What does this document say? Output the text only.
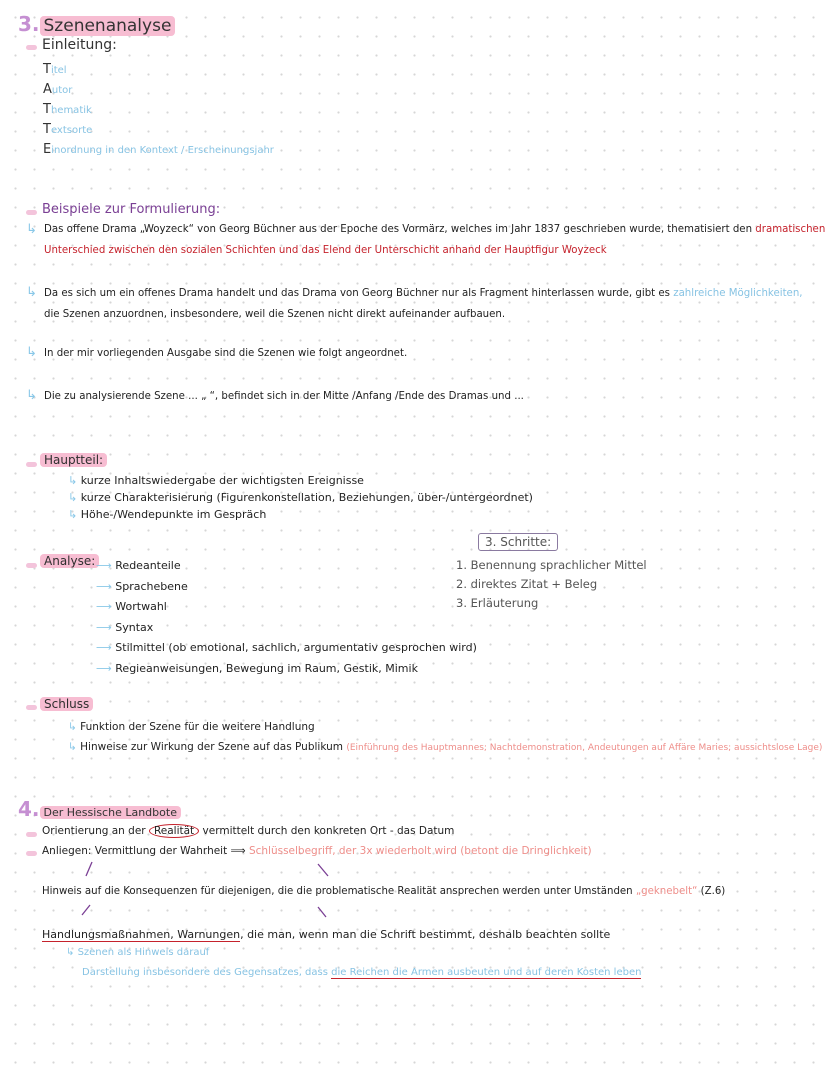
3. Szenenanalyse
Einleitung:
Titel
Autor
Thematik
Textsorte
Einordnung in den Kontext / Erscheinungsjahr
Beispiele zur Formulierung:
↳ Das offene Drama „Woyzeck“ von Georg Büchner aus der Epoche des Vormärz, welches im Jahr 1837 geschrieben wurde, thematisiert den dramatischen
Unterschied zwischen den sozialen Schichten und das Elend der Unterschicht anhand der Hauptfigur Woyzeck
↳ Da es sich um ein offenes Drama handelt und das Drama von Georg Büchner nur als Fragment hinterlassen wurde, gibt es zahlreiche Möglichkeiten,
die Szenen anzuordnen, insbesondere, weil die Szenen nicht direkt aufeinander aufbauen.
↳ In der mir vorliegenden Ausgabe sind die Szenen wie folgt angeordnet.
↳ Die zu analysierende Szene ... „ “, befindet sich in der Mitte /Anfang /Ende des Dramas und ...
Hauptteil:
↳ kurze Inhaltswiedergabe der wichtigsten Ereignisse
↳ kurze Charakterisierung (Figurenkonstellation, Beziehungen, über-/untergeordnet)
↳ Höhe-/Wendepunkte im Gespräch
Analyse: ⟶ Redeanteile
⟶ Sprachebene
⟶ Wortwahl
⟶ Syntax
⟶ Stilmittel (ob emotional, sachlich, argumentativ gesprochen wird)
⟶ Regieanweisungen, Bewegung im Raum, Gestik, Mimik
3. Schritte:
1. Benennung sprachlicher Mittel
2. direktes Zitat + Beleg
3. Erläuterung
Schluss
↳ Funktion der Szene für die weitere Handlung
↳ Hinweise zur Wirkung der Szene auf das Publikum (Einführung des Hauptmannes; Nachtdemonstration, Andeutungen auf Affäre Maries; aussichtslose Lage)
4. Der Hessische Landbote
Orientierung an der Realität vermittelt durch den konkreten Ort - das Datum
Anliegen: Vermittlung der Wahrheit ⟹ Schlüsselbegriff, der 3x wiederholt wird (betont die Dringlichkeit)
Hinweis auf die Konsequenzen für diejenigen, die die problematische Realität ansprechen werden unter Umständen „geknebelt“ (Z.6)
Handlungsmaßnahmen, Warnungen, die man, wenn man die Schrift bestimmt, deshalb beachten sollte
↳ Szenen als Hinweis darauf
Darstellung insbesondere des Gegensatzes, dass die Reichen die Armen ausbeuten und auf deren Kosten leben
